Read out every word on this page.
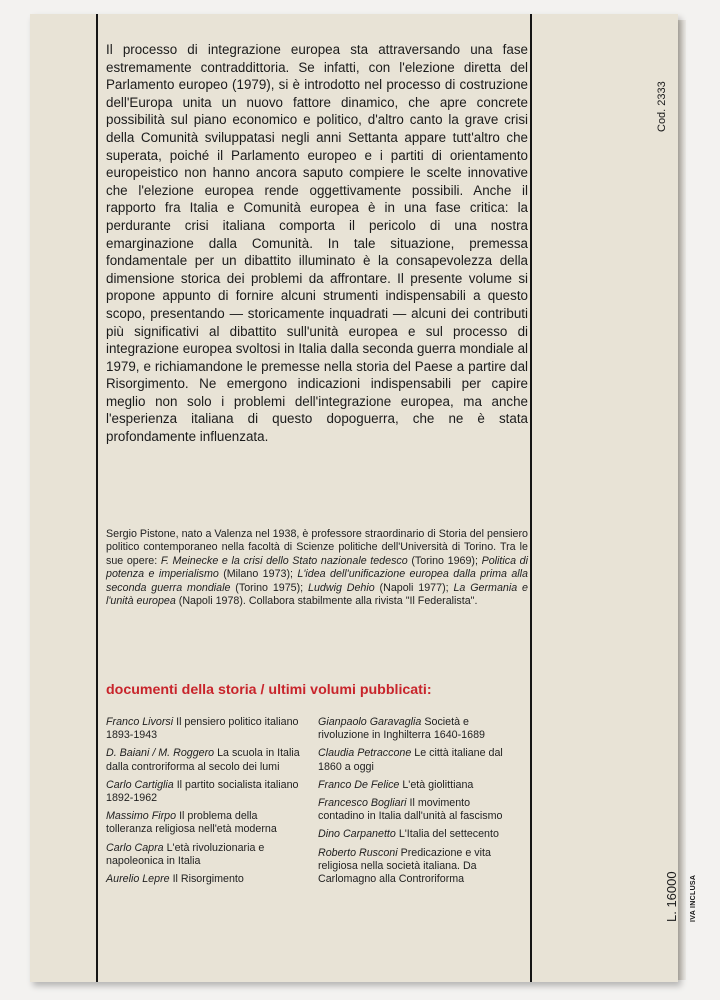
Il processo di integrazione europea sta attraversando una fase estremamente contraddittoria. Se infatti, con l'elezione diretta del Parlamento europeo (1979), si è introdotto nel processo di costruzione dell'Europa unita un nuovo fattore dinamico, che apre concrete possibilità sul piano economico e politico, d'altro canto la grave crisi della Comunità sviluppatasi negli anni Settanta appare tutt'altro che superata, poiché il Parlamento europeo e i partiti di orientamento europeistico non hanno ancora saputo compiere le scelte innovative che l'elezione europea rende oggettivamente possibili. Anche il rapporto fra Italia e Comunità europea è in una fase critica: la perdurante crisi italiana comporta il pericolo di una nostra emarginazione dalla Comunità. In tale situazione, premessa fondamentale per un dibattito illuminato è la consapevolezza della dimensione storica dei problemi da affrontare. Il presente volume si propone appunto di fornire alcuni strumenti indispensabili a questo scopo, presentando — storicamente inquadrati — alcuni dei contributi più significativi al dibattito sull'unità europea e sul processo di integrazione europea svoltosi in Italia dalla seconda guerra mondiale al 1979, e richiamandone le premesse nella storia del Paese a partire dal Risorgimento. Ne emergono indicazioni indispensabili per capire meglio non solo i problemi dell'integrazione europea, ma anche l'esperienza italiana di questo dopoguerra, che ne è stata profondamente influenzata.
Sergio Pistone, nato a Valenza nel 1938, è professore straordinario di Storia del pensiero politico contemporaneo nella facoltà di Scienze politiche dell'Università di Torino. Tra le sue opere: F. Meinecke e la crisi dello Stato nazionale tedesco (Torino 1969); Politica di potenza e imperialismo (Milano 1973); L'idea dell'unificazione europea dalla prima alla seconda guerra mondiale (Torino 1975); Ludwig Dehio (Napoli 1977); La Germania e l'unità europea (Napoli 1978). Collabora stabilmente alla rivista "Il Federalista".
documenti della storia / ultimi volumi pubblicati:
Franco Livorsi Il pensiero politico italiano 1893-1943
D. Baiani / M. Roggero La scuola in Italia dalla controriforma al secolo dei lumi
Carlo Cartiglia Il partito socialista italiano 1892-1962
Massimo Firpo Il problema della tolleranza religiosa nell'età moderna
Carlo Capra L'età rivoluzionaria e napoleonica in Italia
Aurelio Lepre Il Risorgimento
Gianpaolo Garavaglia Società e rivoluzione in Inghilterra 1640-1689
Claudia Petraccone Le città italiane dal 1860 a oggi
Franco De Felice L'età giolittiana
Francesco Bogliari Il movimento contadino in Italia dall'unità al fascismo
Dino Carpanetto L'Italia del settecento
Roberto Rusconi Predicazione e vita religiosa nella società italiana. Da Carlomagno alla Controriforma
Cod. 2333
L. 16000 IVA INCLUSA
